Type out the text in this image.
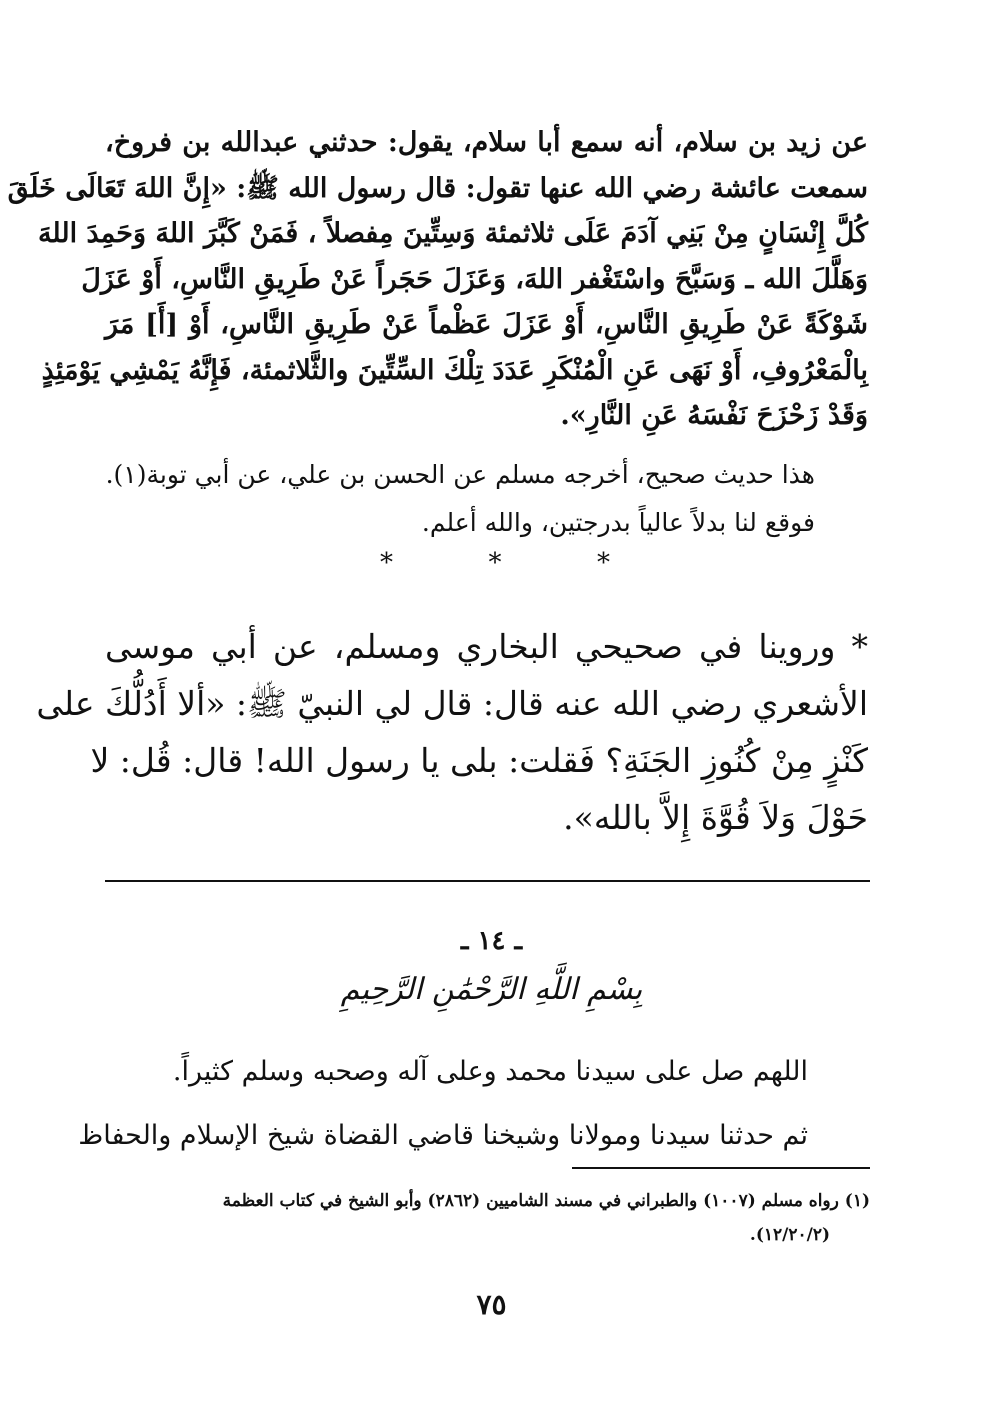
عن زيد بن سلام، أنه سمع أبا سلام، يقول: حدثني عبدالله بن فروخ،
سمعت عائشة رضي الله عنها تقول: قال رسول الله ﷺ: «إِنَّ اللهَ تَعَالَى خَلَقَ
كُلَّ إِنْسَانٍ مِنْ بَنِي آدَمَ عَلَى ثلاثمئة وَسِتِّينَ مِفصلاً ، فَمَنْ كَبَّرَ اللهَ وَحَمِدَ اللهَ
وَهَلَّلَ الله ـ وَسَبَّحَ واسْتَغْفر اللهَ، وَعَزَلَ حَجَراً عَنْ طَرِيقِ النَّاسِ، أَوْ عَزَلَ
شَوْكَةً عَنْ طَرِيقِ النَّاسِ، أَوْ عَزَلَ عَظْماً عَنْ طَرِيقِ النَّاسِ، أَوْ [أَ] مَرَ
بِالْمَعْرُوفِ، أَوْ نَهَى عَنِ الْمُنْكَرِ عَدَدَ تِلْكَ السِّتِّينَ والثَّلاثمئة، فَإِنَّهُ يَمْشِي يَوْمَئِذٍ
وَقَدْ زَحْزَحَ نَفْسَهُ عَنِ النَّارِ».
هذا حديث صحيح، أخرجه مسلم عن الحسن بن علي، عن أبي توبة(١).
فوقع لنا بدلاً عالياً بدرجتين، والله أعلم.
*	*	*
* وروينا في صحيحي البخاري ومسلم، عن أبي موسى
الأشعري رضي الله عنه قال: قال لي النبيّ ﷺ: «ألا أَدُلُّكَ على
كَنْزٍ مِنْ كُنُوزِ الجَنَةِ؟ فَقلت: بلى يا رسول الله! قال: قُل: لا
حَوْلَ وَلاَ قُوَّةَ إِلاَّ بالله».
ـ ١٤ ـ
بِسْمِ اللَّهِ الرَّحْمَٰنِ الرَّحِيمِ
اللهم صل على سيدنا محمد وعلى آله وصحبه وسلم كثيراً.
ثم حدثنا سيدنا ومولانا وشيخنا قاضي القضاة شيخ الإسلام والحفاظ
(١) رواه مسلم (١٠٠٧) والطبراني في مسند الشاميين (٢٨٦٢) وأبو الشيخ في كتاب العظمة
(١٢/٢٠/٢).
٧٥
